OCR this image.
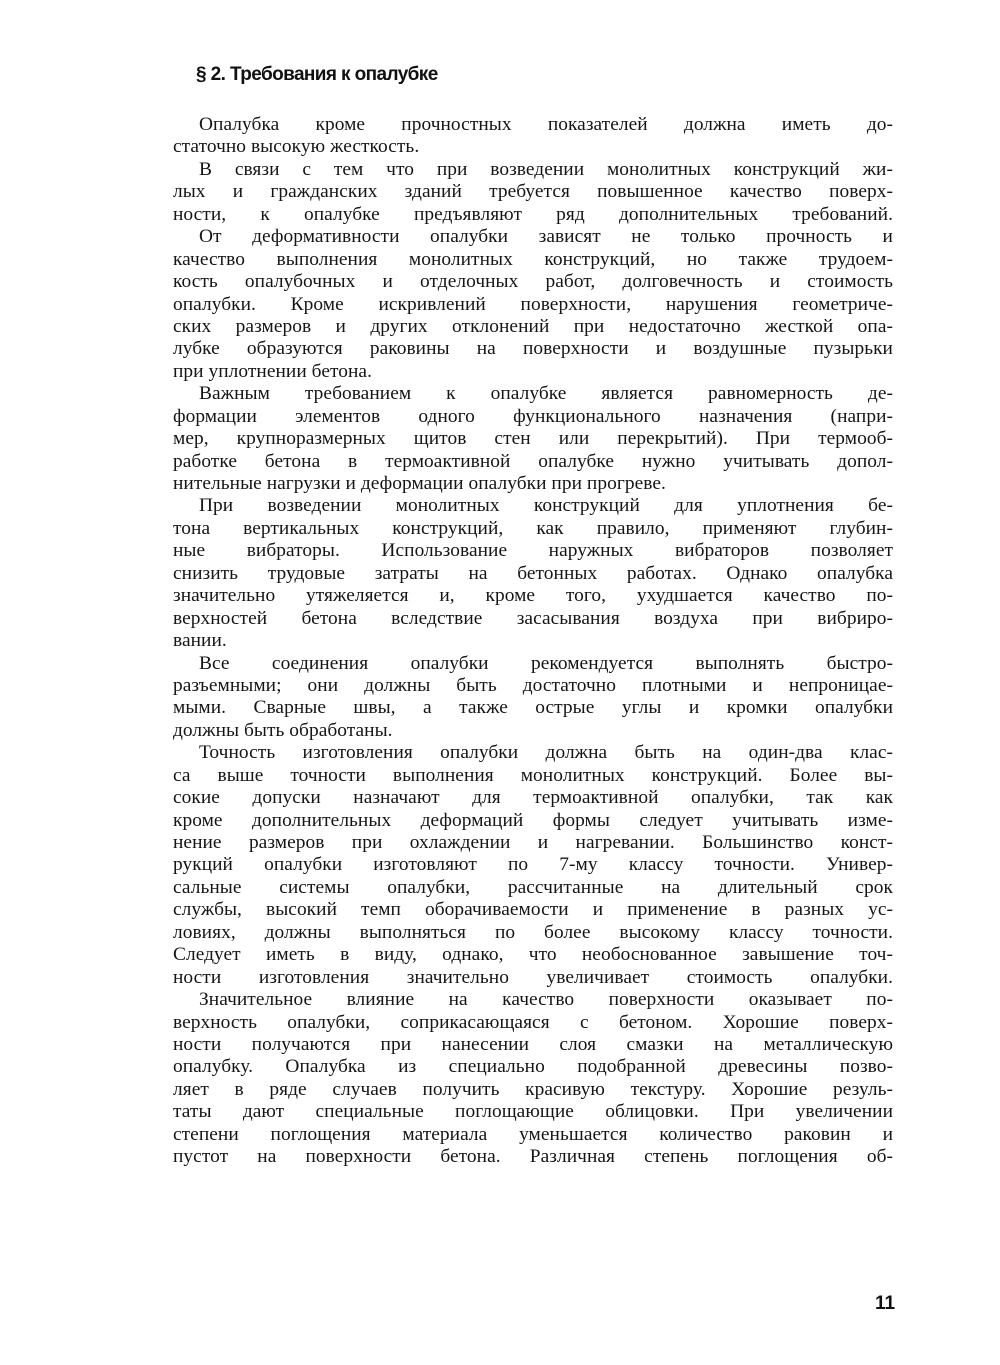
§ 2. Требования к опалубке
Опалубка кроме прочностных показателей должна иметь до-
статочно высокую жесткость.
В связи с тем что при возведении монолитных конструкций жи-
лых и гражданских зданий требуется повышенное качество поверх-
ности, к опалубке предъявляют ряд дополнительных требований.
От деформативности опалубки зависят не только прочность и
качество выполнения монолитных конструкций, но также трудоем-
кость опалубочных и отделочных работ, долговечность и стоимость
опалубки. Кроме искривлений поверхности, нарушения геометриче-
ских размеров и других отклонений при недостаточно жесткой опа-
лубке образуются раковины на поверхности и воздушные пузырьки
при уплотнении бетона.
Важным требованием к опалубке является равномерность де-
формации элементов одного функционального назначения (напри-
мер, крупноразмерных щитов стен или перекрытий). При термооб-
работке бетона в термоактивной опалубке нужно учитывать допол-
нительные нагрузки и деформации опалубки при прогреве.
При возведении монолитных конструкций для уплотнения бе-
тона вертикальных конструкций, как правило, применяют глубин-
ные вибраторы. Использование наружных вибраторов позволяет
снизить трудовые затраты на бетонных работах. Однако опалубка
значительно утяжеляется и, кроме того, ухудшается качество по-
верхностей бетона вследствие засасывания воздуха при вибриро-
вании.
Все соединения опалубки рекомендуется выполнять быстро-
разъемными; они должны быть достаточно плотными и непроницае-
мыми. Сварные швы, а также острые углы и кромки опалубки
должны быть обработаны.
Точность изготовления опалубки должна быть на один-два клас-
са выше точности выполнения монолитных конструкций. Более вы-
сокие допуски назначают для термоактивной опалубки, так как
кроме дополнительных деформаций формы следует учитывать изме-
нение размеров при охлаждении и нагревании. Большинство конст-
рукций опалубки изготовляют по 7-му классу точности. Универ-
сальные системы опалубки, рассчитанные на длительный срок
службы, высокий темп оборачиваемости и применение в разных ус-
ловиях, должны выполняться по более высокому классу точности.
Следует иметь в виду, однако, что необоснованное завышение точ-
ности изготовления значительно увеличивает стоимость опалубки.
Значительное влияние на качество поверхности оказывает по-
верхность опалубки, соприкасающаяся с бетоном. Хорошие поверх-
ности получаются при нанесении слоя смазки на металлическую
опалубку. Опалубка из специально подобранной древесины позво-
ляет в ряде случаев получить красивую текстуру. Хорошие резуль-
таты дают специальные поглощающие облицовки. При увеличении
степени поглощения материала уменьшается количество раковин и
пустот на поверхности бетона. Различная степень поглощения об-
11
